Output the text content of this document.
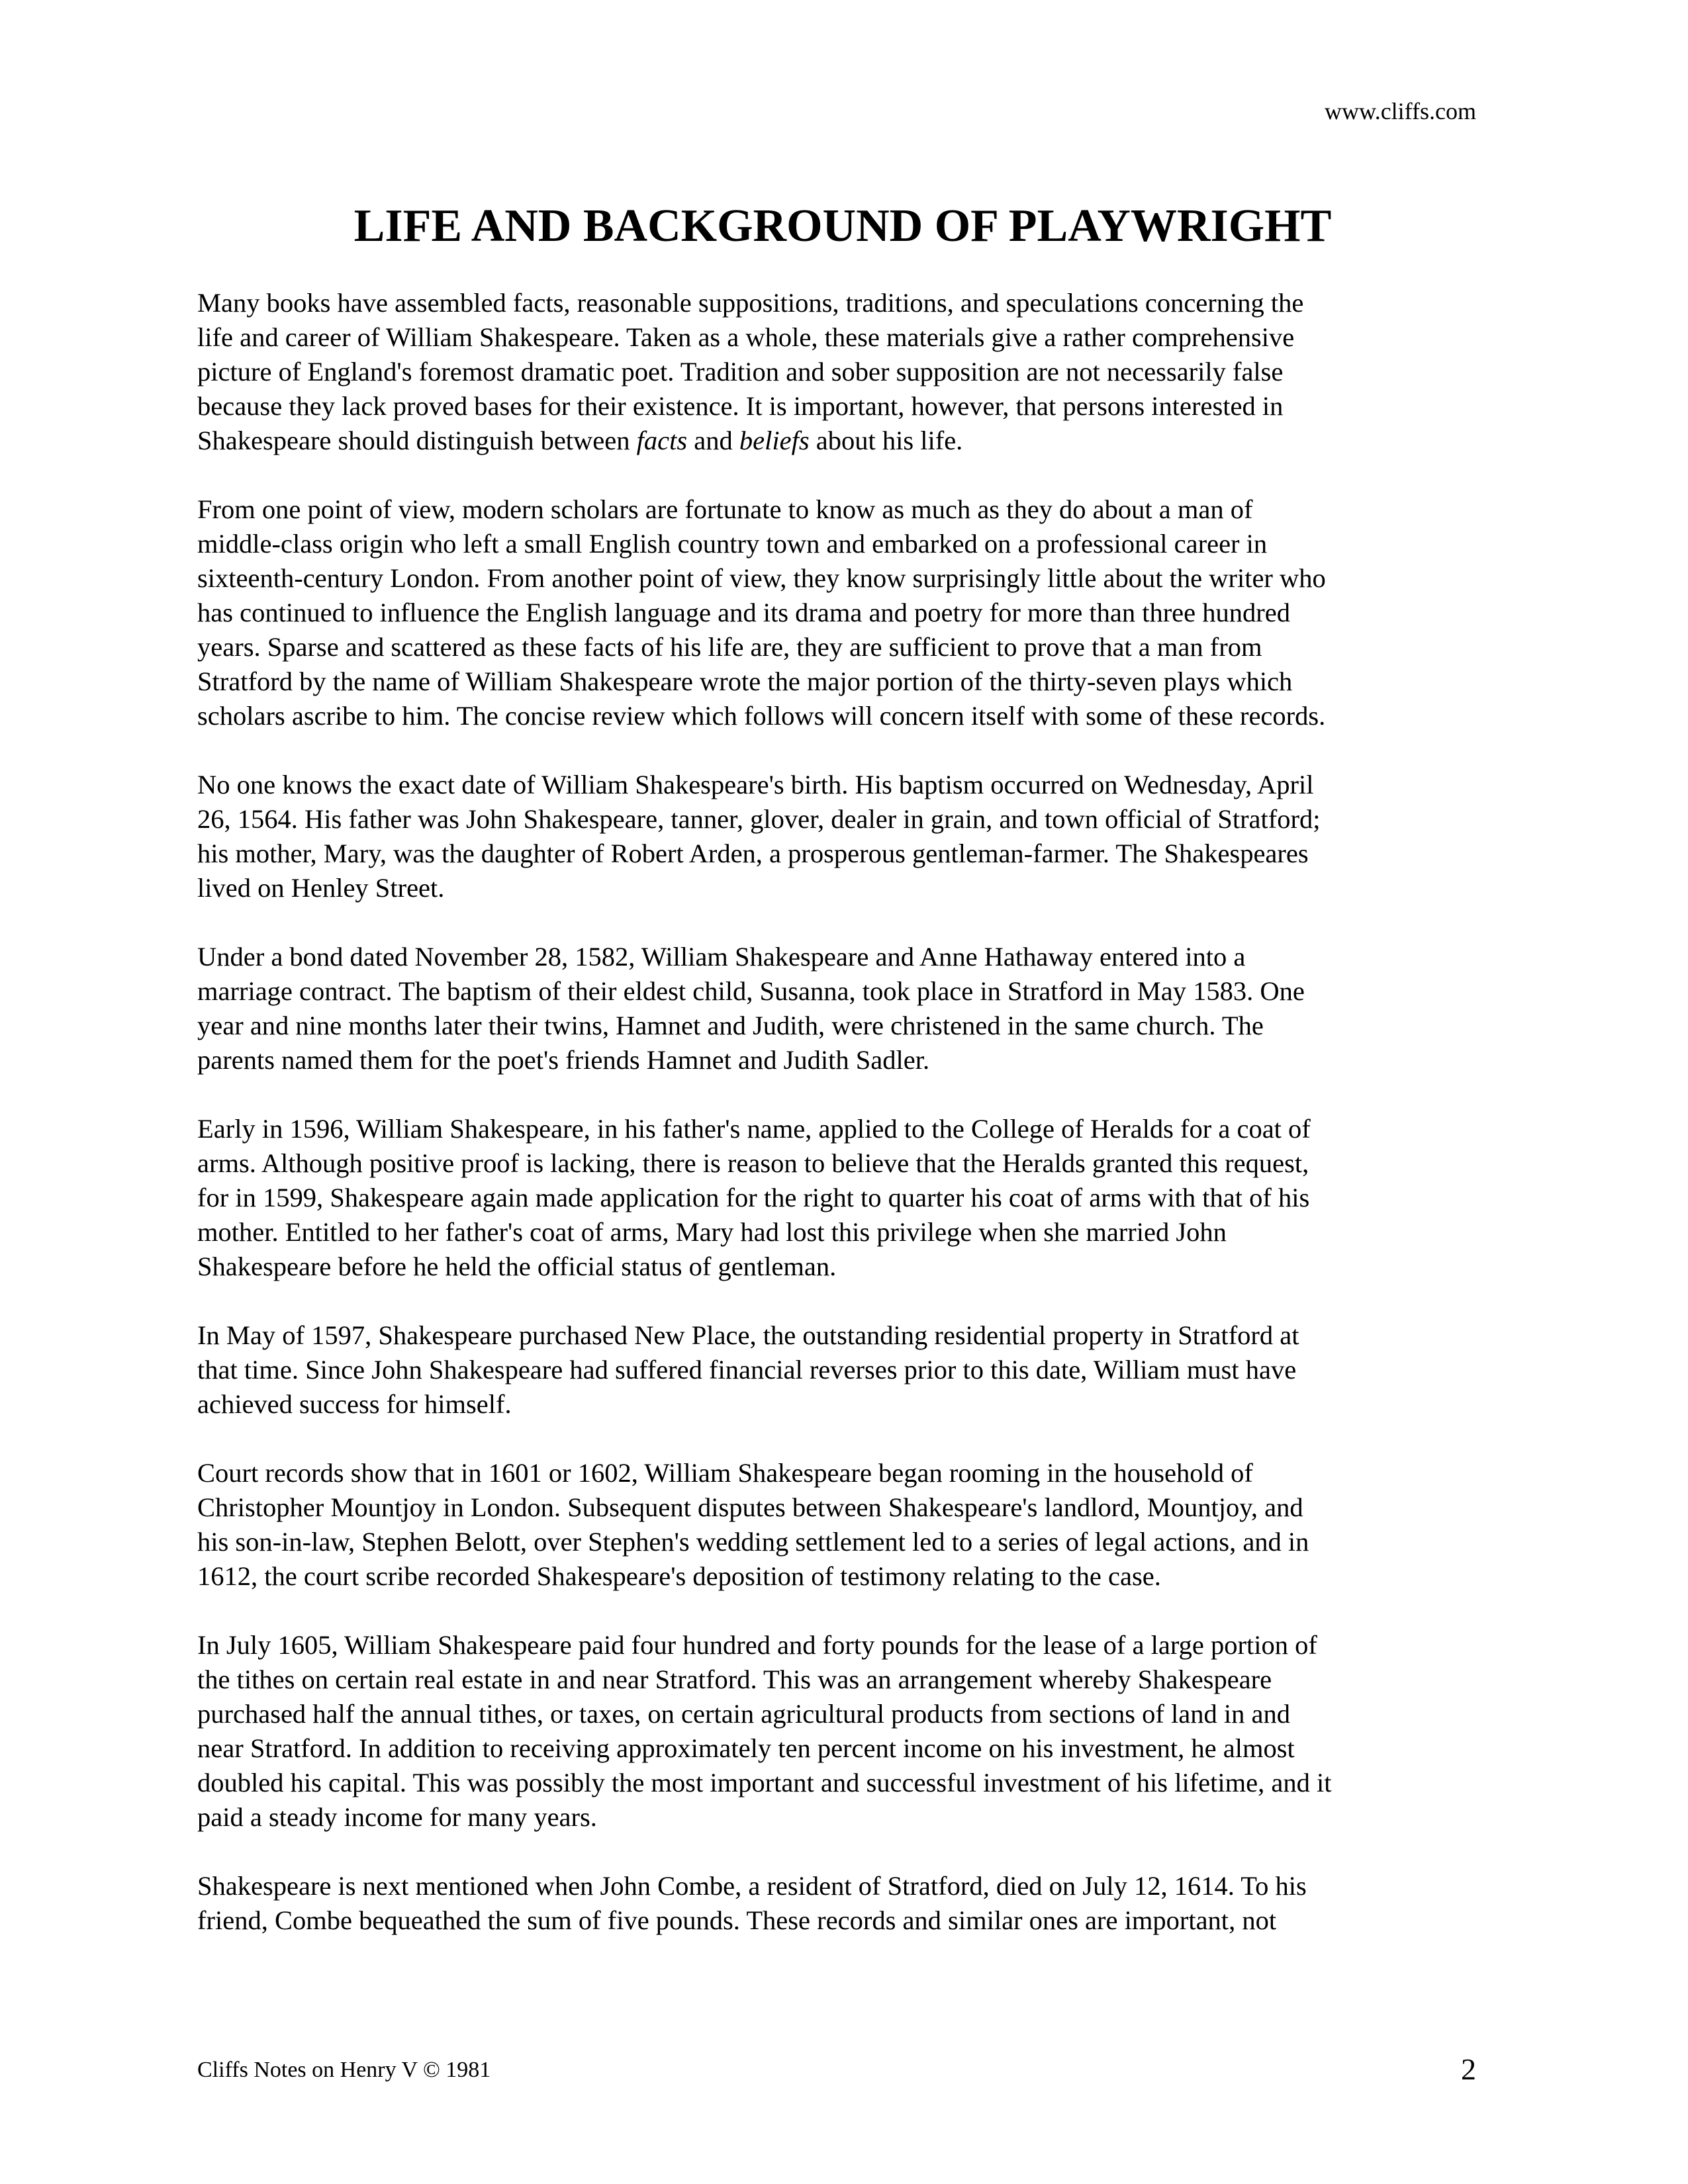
www.cliffs.com
LIFE AND BACKGROUND OF PLAYWRIGHT

Many books have assembled facts, reasonable suppositions, traditions, and speculations concerning the
life and career of William Shakespeare. Taken as a whole, these materials give a rather comprehensive
picture of England's foremost dramatic poet. Tradition and sober supposition are not necessarily false
because they lack proved bases for their existence. It is important, however, that persons interested in
Shakespeare should distinguish between facts and beliefs about his life.

From one point of view, modern scholars are fortunate to know as much as they do about a man of
middle-class origin who left a small English country town and embarked on a professional career in
sixteenth-century London. From another point of view, they know surprisingly little about the writer who
has continued to influence the English language and its drama and poetry for more than three hundred
years. Sparse and scattered as these facts of his life are, they are sufficient to prove that a man from
Stratford by the name of William Shakespeare wrote the major portion of the thirty-seven plays which
scholars ascribe to him. The concise review which follows will concern itself with some of these records.

No one knows the exact date of William Shakespeare's birth. His baptism occurred on Wednesday, April
26, 1564. His father was John Shakespeare, tanner, glover, dealer in grain, and town official of Stratford;
his mother, Mary, was the daughter of Robert Arden, a prosperous gentleman-farmer. The Shakespeares
lived on Henley Street.

Under a bond dated November 28, 1582, William Shakespeare and Anne Hathaway entered into a
marriage contract. The baptism of their eldest child, Susanna, took place in Stratford in May 1583. One
year and nine months later their twins, Hamnet and Judith, were christened in the same church. The
parents named them for the poet's friends Hamnet and Judith Sadler.

Early in 1596, William Shakespeare, in his father's name, applied to the College of Heralds for a coat of
arms. Although positive proof is lacking, there is reason to believe that the Heralds granted this request,
for in 1599, Shakespeare again made application for the right to quarter his coat of arms with that of his
mother. Entitled to her father's coat of arms, Mary had lost this privilege when she married John
Shakespeare before he held the official status of gentleman.

In May of 1597, Shakespeare purchased New Place, the outstanding residential property in Stratford at
that time. Since John Shakespeare had suffered financial reverses prior to this date, William must have
achieved success for himself.

Court records show that in 1601 or 1602, William Shakespeare began rooming in the household of
Christopher Mountjoy in London. Subsequent disputes between Shakespeare's landlord, Mountjoy, and
his son-in-law, Stephen Belott, over Stephen's wedding settlement led to a series of legal actions, and in
1612, the court scribe recorded Shakespeare's deposition of testimony relating to the case.

In July 1605, William Shakespeare paid four hundred and forty pounds for the lease of a large portion of
the tithes on certain real estate in and near Stratford. This was an arrangement whereby Shakespeare
purchased half the annual tithes, or taxes, on certain agricultural products from sections of land in and
near Stratford. In addition to receiving approximately ten percent income on his investment, he almost
doubled his capital. This was possibly the most important and successful investment of his lifetime, and it
paid a steady income for many years.

Shakespeare is next mentioned when John Combe, a resident of Stratford, died on July 12, 1614. To his
friend, Combe bequeathed the sum of five pounds. These records and similar ones are important, not

Cliffs Notes on Henry V © 1981	2
